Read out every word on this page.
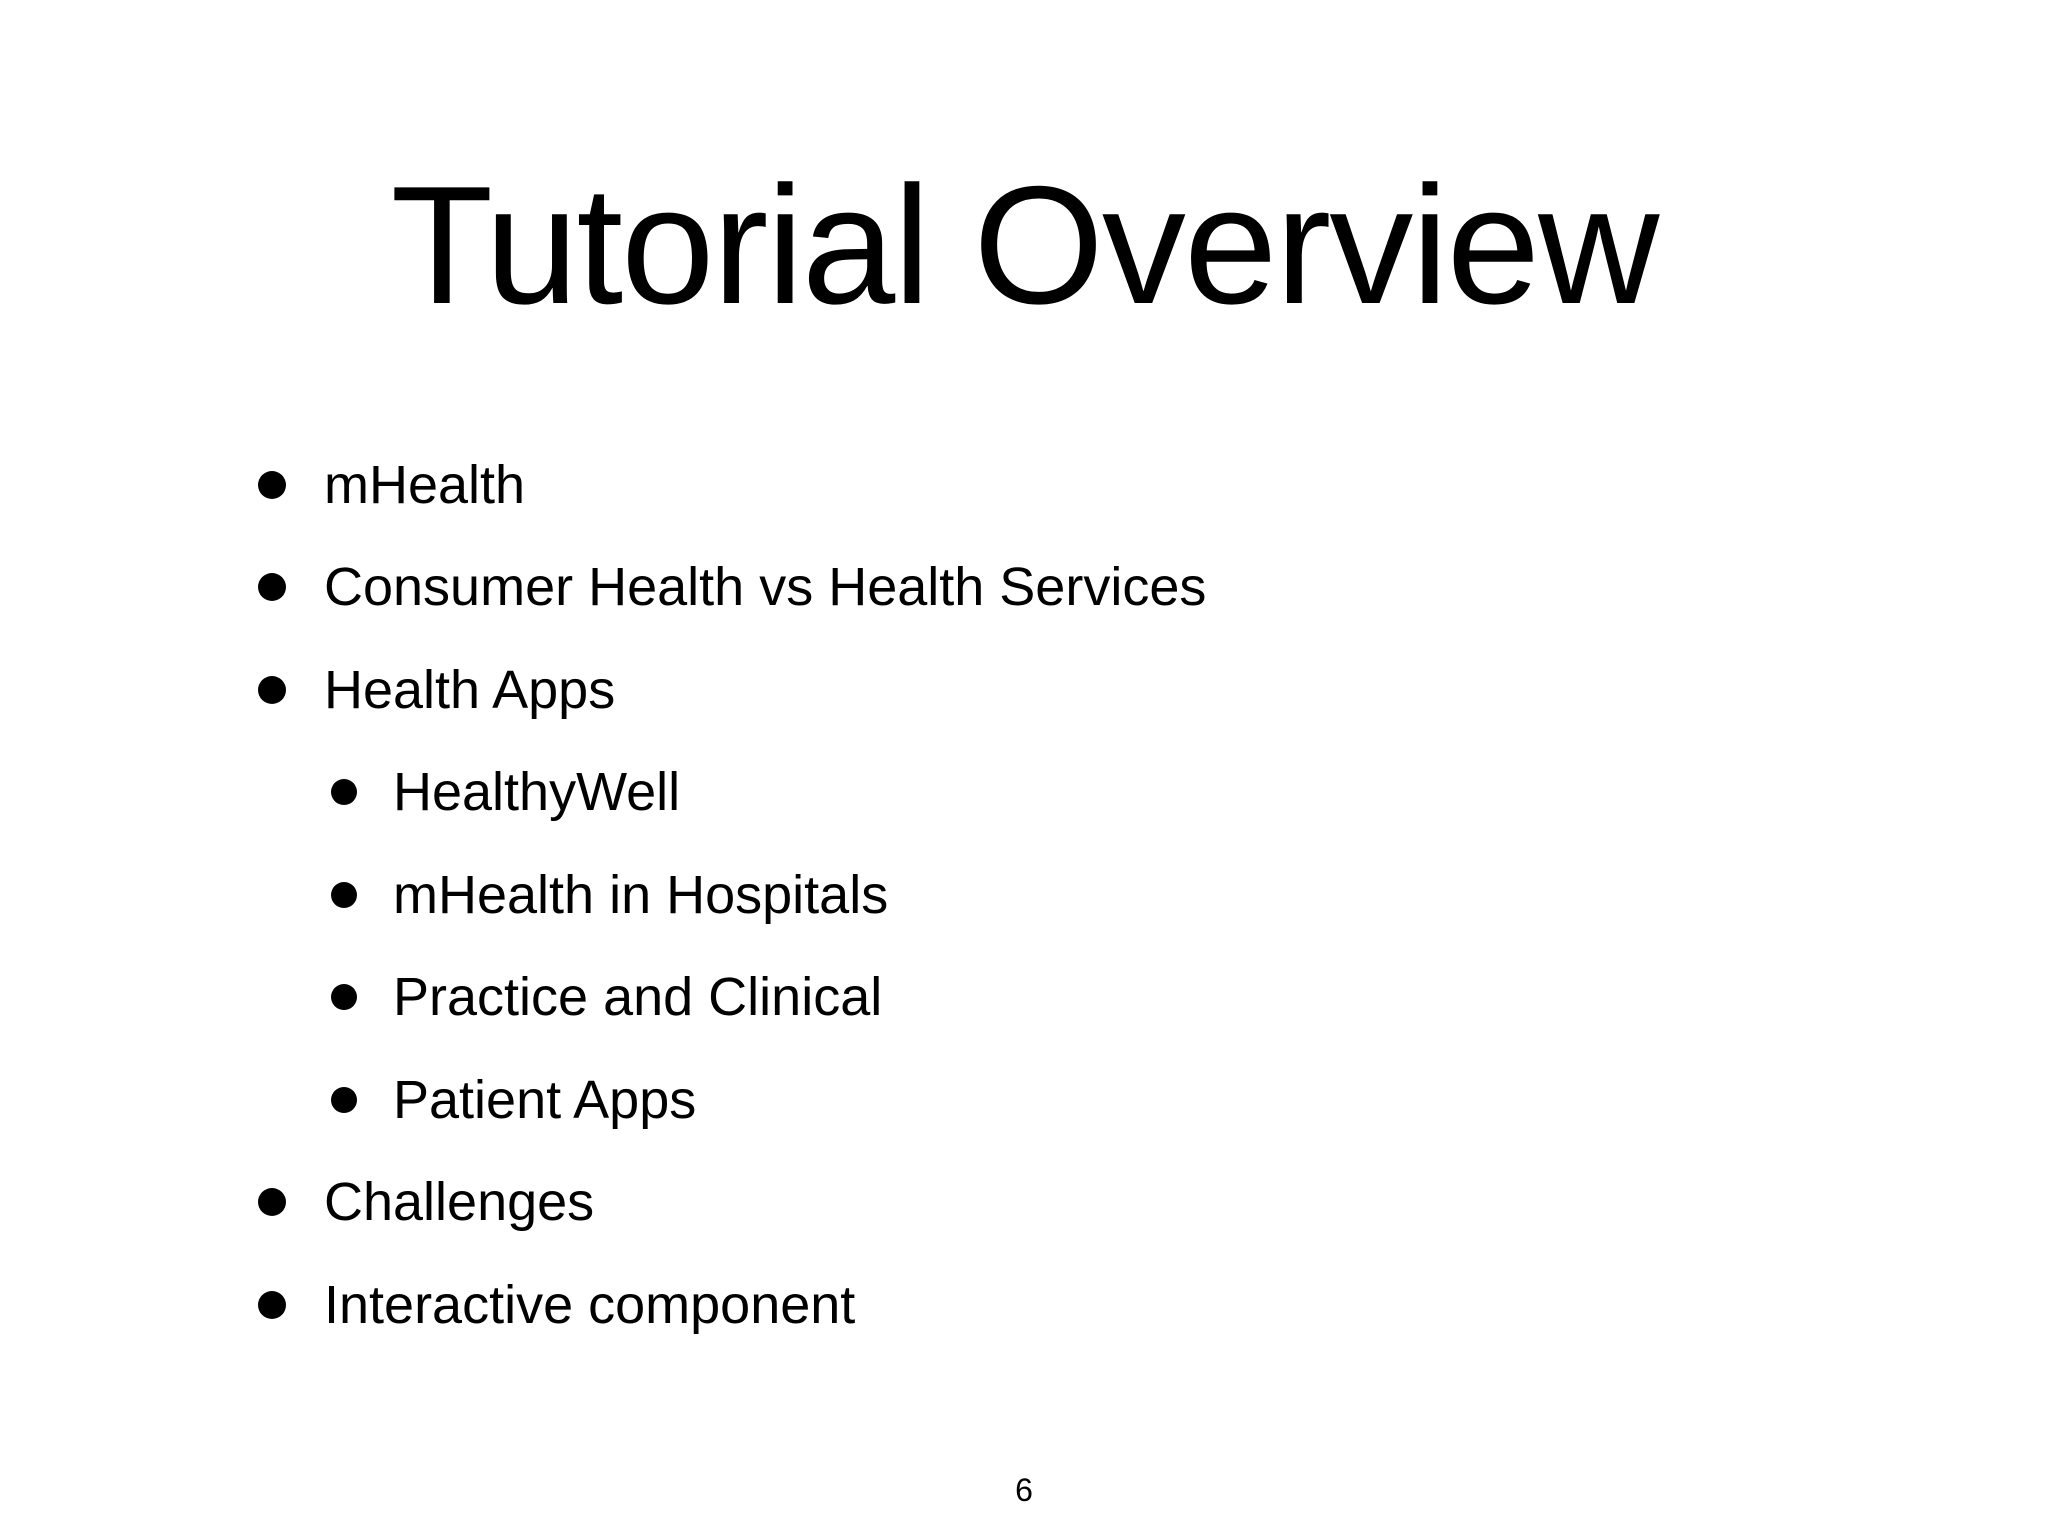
Tutorial Overview
mHealth
Consumer Health vs Health Services
Health Apps
HealthyWell
mHealth in Hospitals
Practice and Clinical
Patient Apps
Challenges
Interactive component
6
